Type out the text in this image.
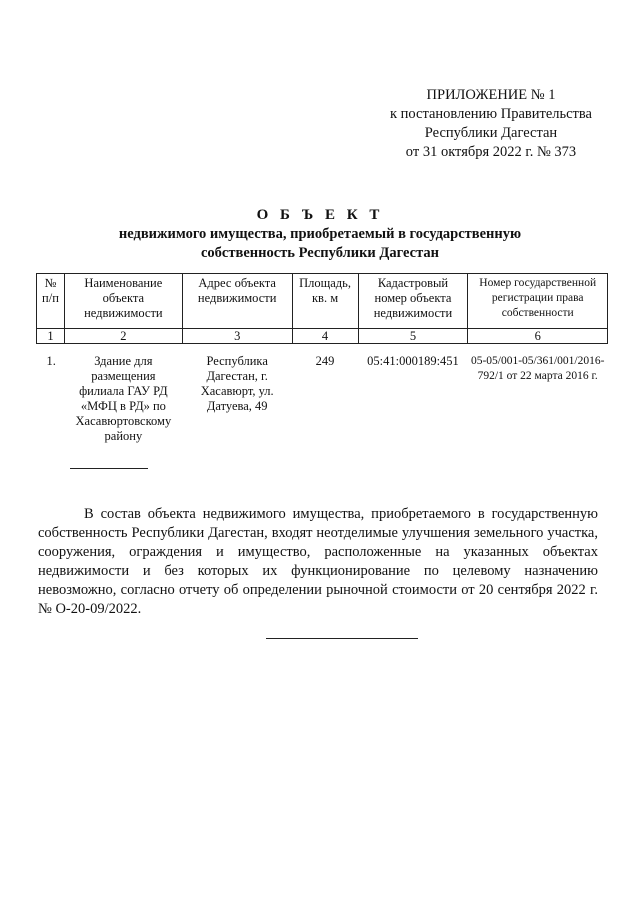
ПРИЛОЖЕНИЕ № 1
к постановлению Правительства
Республики Дагестан
от 31 октября 2022 г. № 373
О Б Ъ Е К Т
недвижимого имущества, приобретаемый в государственную
собственность Республики Дагестан
№ п/п	Наименование объекта недвижимости	Адрес объекта недвижимости	Площадь, кв. м	Кадастровый номер объекта недвижимости	Номер государственной регистрации права собственности
1	2	3	4	5	6
1.	Здание для размещения филиала ГАУ РД «МФЦ в РД» по Хасавюртовскому району	Республика Дагестан, г. Хасавюрт, ул. Датуева, 49	249	05:41:000189:451	05-05/001-05/361/001/2016-792/1 от 22 марта 2016 г.
В состав объекта недвижимого имущества, приобретаемого в государственную собственность Республики Дагестан, входят неотделимые улучшения земельного участка, сооружения, ограждения и имущество, расположенные на указанных объектах недвижимости и без которых их функционирование по целевому назначению невозможно, согласно отчету об определении рыночной стоимости от 20 сентября 2022 г. № О-20-09/2022.
